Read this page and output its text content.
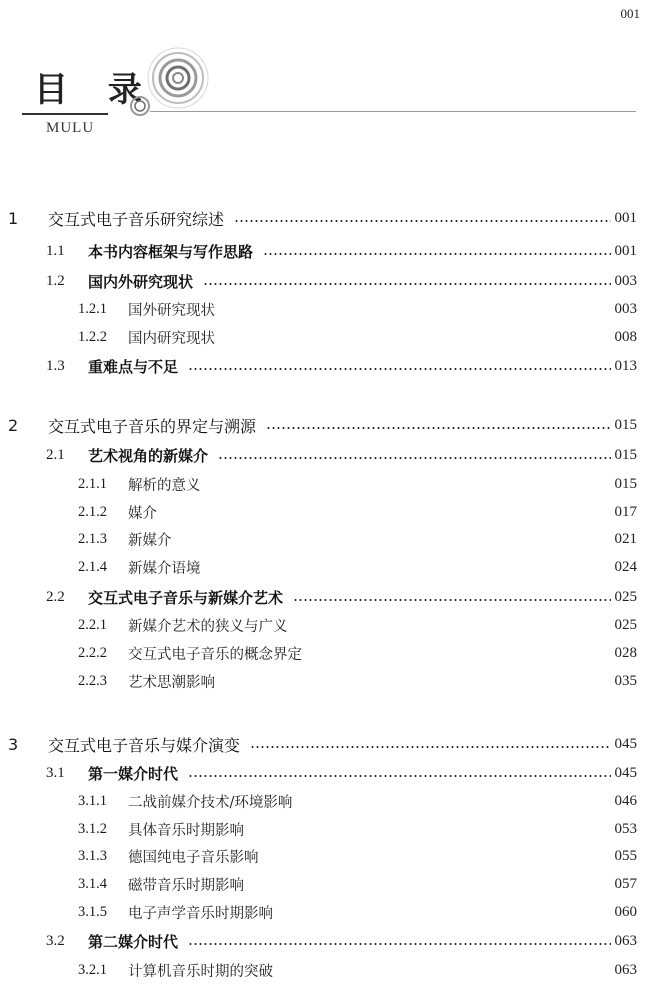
001
目 录
MULU
1	交互式电子音乐研究综述	001
1.1	本书内容框架与写作思路	001
1.2	国内外研究现状	003
1.2.1	国外研究现状	003
1.2.2	国内研究现状	008
1.3	重难点与不足	013
2	交互式电子音乐的界定与溯源	015
2.1	艺术视角的新媒介	015
2.1.1	解析的意义	015
2.1.2	媒介	017
2.1.3	新媒介	021
2.1.4	新媒介语境	024
2.2	交互式电子音乐与新媒介艺术	025
2.2.1	新媒介艺术的狭义与广义	025
2.2.2	交互式电子音乐的概念界定	028
2.2.3	艺术思潮影响	035
3	交互式电子音乐与媒介演变	045
3.1	第一媒介时代	045
3.1.1	二战前媒介技术/环境影响	046
3.1.2	具体音乐时期影响	053
3.1.3	德国纯电子音乐影响	055
3.1.4	磁带音乐时期影响	057
3.1.5	电子声学音乐时期影响	060
3.2	第二媒介时代	063
3.2.1	计算机音乐时期的突破	063
